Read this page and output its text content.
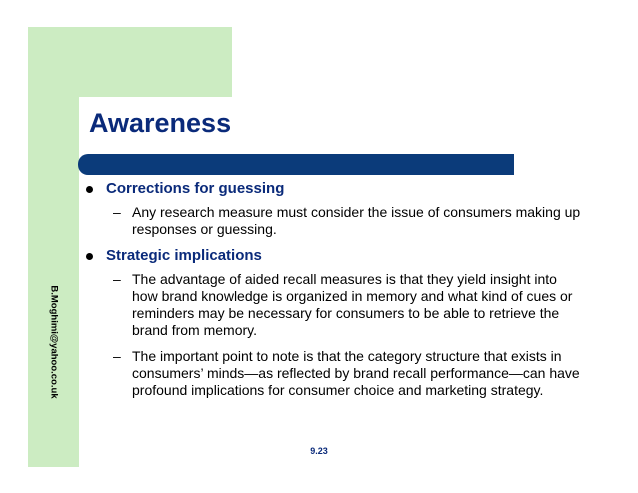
B.Moghimi@yahoo.co.uk
Awareness
Corrections for guessing
– Any research measure must consider the issue of consumers making up responses or guessing.
Strategic implications
– The advantage of aided recall measures is that they yield insight into how brand knowledge is organized in memory and what kind of cues or reminders may be necessary for consumers to be able to retrieve the brand from memory.
– The important point to note is that the category structure that exists in consumers’ minds—as reflected by brand recall performance—can have profound implications for consumer choice and marketing strategy.
9.23
